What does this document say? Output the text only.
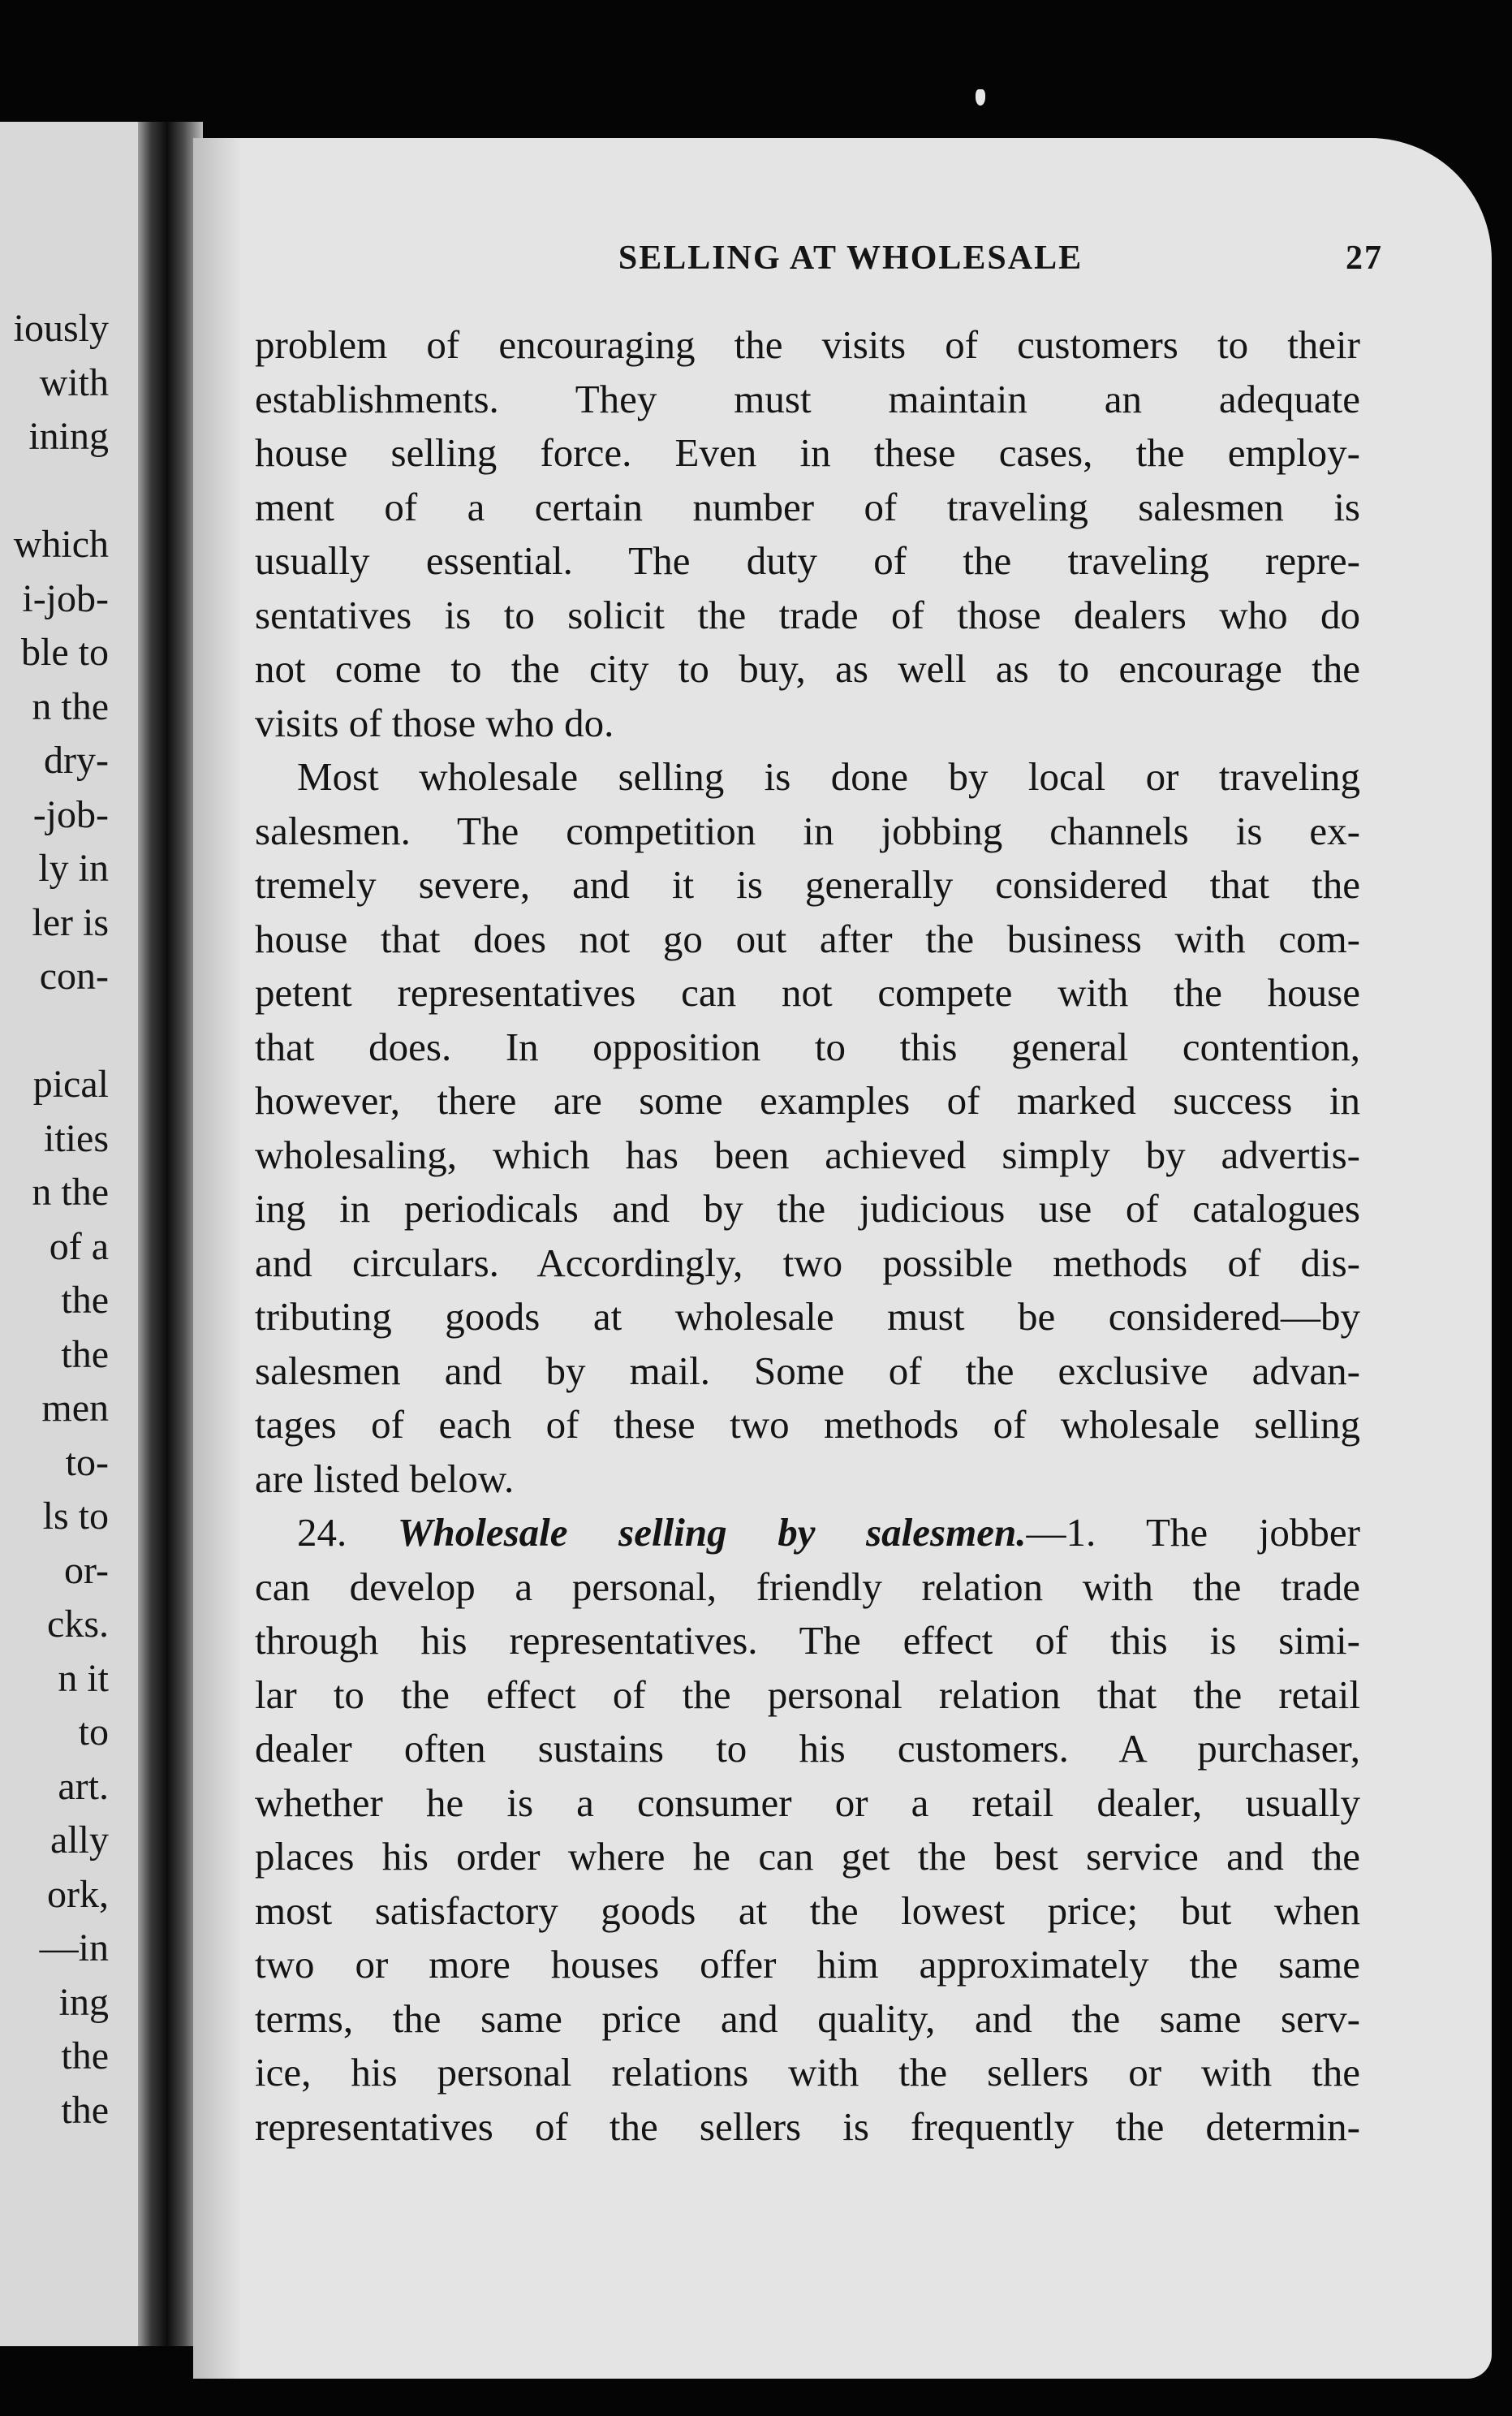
iously
with
ining
which
i-job-
ble to
n the
dry-
-job-
ly in
ler is
con-
pical
ities
n the
of a
the
the
men
to-
ls to
or-
cks.
n it
to
art.
ally
ork,
—in
ing
the
the
SELLING AT WHOLESALE	27
problem of encouraging the visits of customers to their
establishments. They must maintain an adequate
house selling force. Even in these cases, the employ-
ment of a certain number of traveling salesmen is
usually essential. The duty of the traveling repre-
sentatives is to solicit the trade of those dealers who do
not come to the city to buy, as well as to encourage the
visits of those who do.
Most wholesale selling is done by local or traveling
salesmen. The competition in jobbing channels is ex-
tremely severe, and it is generally considered that the
house that does not go out after the business with com-
petent representatives can not compete with the house
that does. In opposition to this general contention,
however, there are some examples of marked success in
wholesaling, which has been achieved simply by advertis-
ing in periodicals and by the judicious use of catalogues
and circulars. Accordingly, two possible methods of dis-
tributing goods at wholesale must be considered—by
salesmen and by mail. Some of the exclusive advan-
tages of each of these two methods of wholesale selling
are listed below.
24. Wholesale selling by salesmen.—1. The jobber
can develop a personal, friendly relation with the trade
through his representatives. The effect of this is simi-
lar to the effect of the personal relation that the retail
dealer often sustains to his customers. A purchaser,
whether he is a consumer or a retail dealer, usually
places his order where he can get the best service and the
most satisfactory goods at the lowest price; but when
two or more houses offer him approximately the same
terms, the same price and quality, and the same serv-
ice, his personal relations with the sellers or with the
representatives of the sellers is frequently the determin-
